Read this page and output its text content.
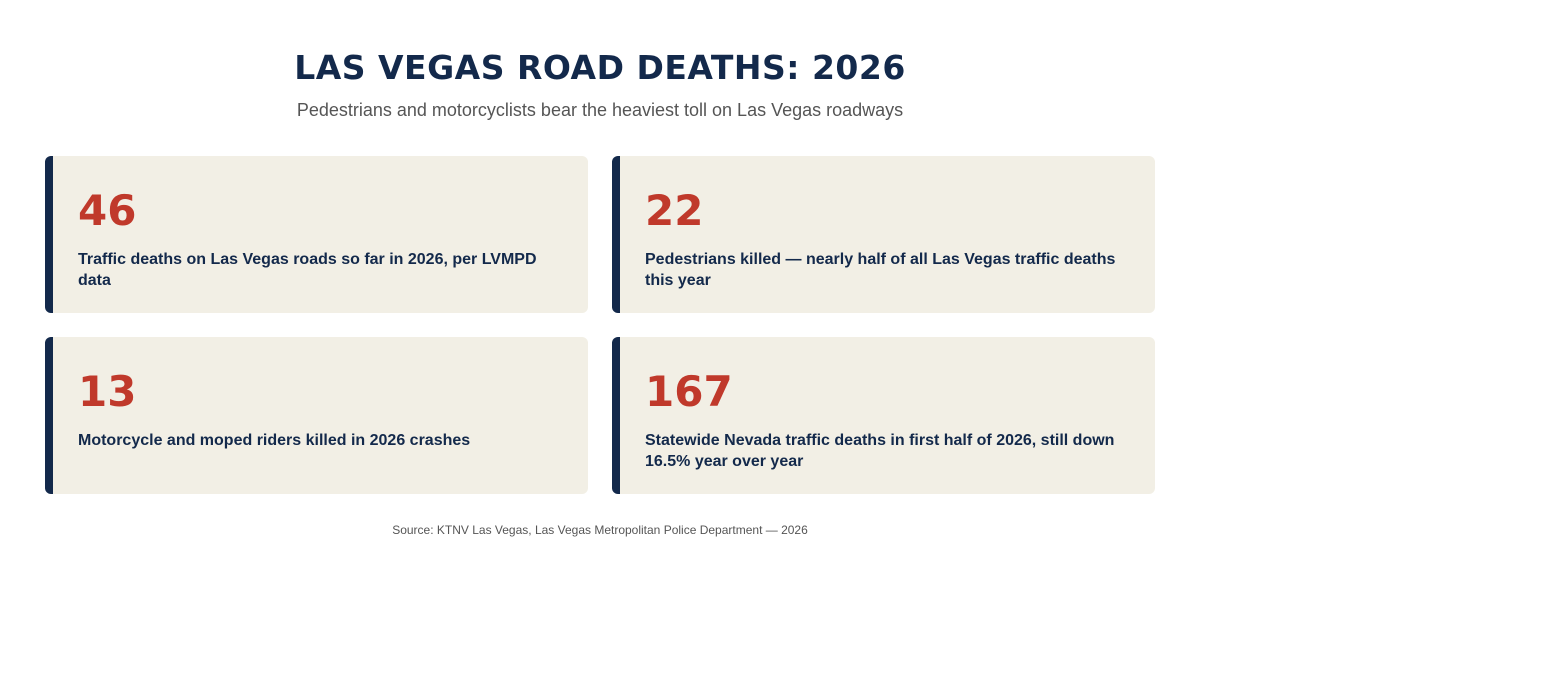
LAS VEGAS ROAD DEATHS: 2026

Pedestrians and motorcyclists bear the heaviest toll on Las Vegas roadways

46
Traffic deaths on Las Vegas roads so far in 2026, per LVMPD data
22
Pedestrians killed — nearly half of all Las Vegas traffic deaths this year
13
Motorcycle and moped riders killed in 2026 crashes
167
Statewide Nevada traffic deaths in first half of 2026, still down 16.5% year over year
Source: KTNV Las Vegas, Las Vegas Metropolitan Police Department — 2026
